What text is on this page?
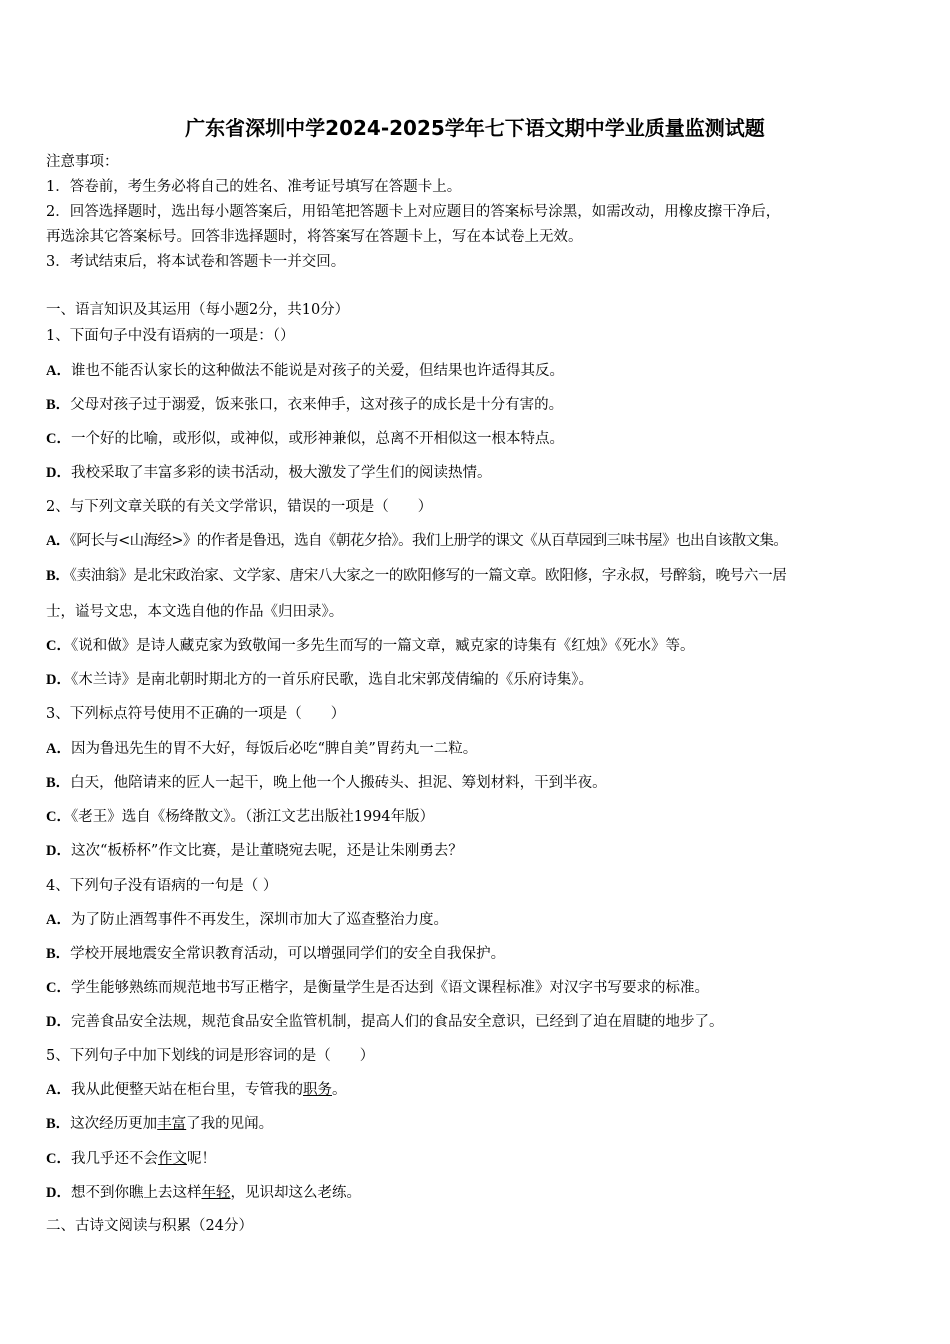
广东省深圳中学2024-2025学年七下语文期中学业质量监测试题
注意事项：
1．答卷前，考生务必将自己的姓名、准考证号填写在答题卡上。
2．回答选择题时，选出每小题答案后，用铅笔把答题卡上对应题目的答案标号涂黑，如需改动，用橡皮擦干净后，
再选涂其它答案标号。回答非选择题时，将答案写在答题卡上，写在本试卷上无效。
3．考试结束后，将本试卷和答题卡一并交回。
一、语言知识及其运用（每小题2分，共10分）
1、下面句子中没有语病的一项是：（）
A．谁也不能否认家长的这种做法不能说是对孩子的关爱，但结果也许适得其反。
B．父母对孩子过于溺爱，饭来张口，衣来伸手，这对孩子的成长是十分有害的。
C．一个好的比喻，或形似，或神似，或形神兼似，总离不开相似这一根本特点。
D．我校采取了丰富多彩的读书活动，极大激发了学生们的阅读热情。
2、与下列文章关联的有关文学常识，错误的一项是（　　）
A．《阿长与<山海经>》的作者是鲁迅，选自《朝花夕拾》。我们上册学的课文《从百草园到三味书屋》也出自该散文集。
B．《卖油翁》是北宋政治家、文学家、唐宋八大家之一的欧阳修写的一篇文章。欧阳修，字永叔，号醉翁，晚号六一居
士，谥号文忠，本文选自他的作品《归田录》。
C．《说和做》是诗人藏克家为致敬闻一多先生而写的一篇文章，臧克家的诗集有《红烛》《死水》等。
D．《木兰诗》是南北朝时期北方的一首乐府民歌，选自北宋郭茂倩编的《乐府诗集》。
3、下列标点符号使用不正确的一项是（　　）
A．因为鲁迅先生的胃不大好，每饭后必吃“脾自美”胃药丸一二粒。
B．白天，他陪请来的匠人一起干，晚上他一个人搬砖头、担泥、筹划材料，干到半夜。
C．《老王》选自《杨绛散文》。（浙江文艺出版社1994年版）
D．这次“板桥杯”作文比赛，是让董晓宛去呢，还是让朱刚勇去？
4、下列句子没有语病的一句是（ ）
A．为了防止酒驾事件不再发生，深圳市加大了巡查整治力度。
B．学校开展地震安全常识教育活动，可以增强同学们的安全自我保护。
C．学生能够熟练而规范地书写正楷字，是衡量学生是否达到《语文课程标准》对汉字书写要求的标准。
D．完善食品安全法规，规范食品安全监管机制，提高人们的食品安全意识，已经到了迫在眉睫的地步了。
5、下列句子中加下划线的词是形容词的是（　　）
A．我从此便整天站在柜台里，专管我的职务。
B．这次经历更加丰富了我的见闻。
C．我几乎还不会作文呢！
D．想不到你瞧上去这样年轻，见识却这么老练。
二、古诗文阅读与积累（24分）
